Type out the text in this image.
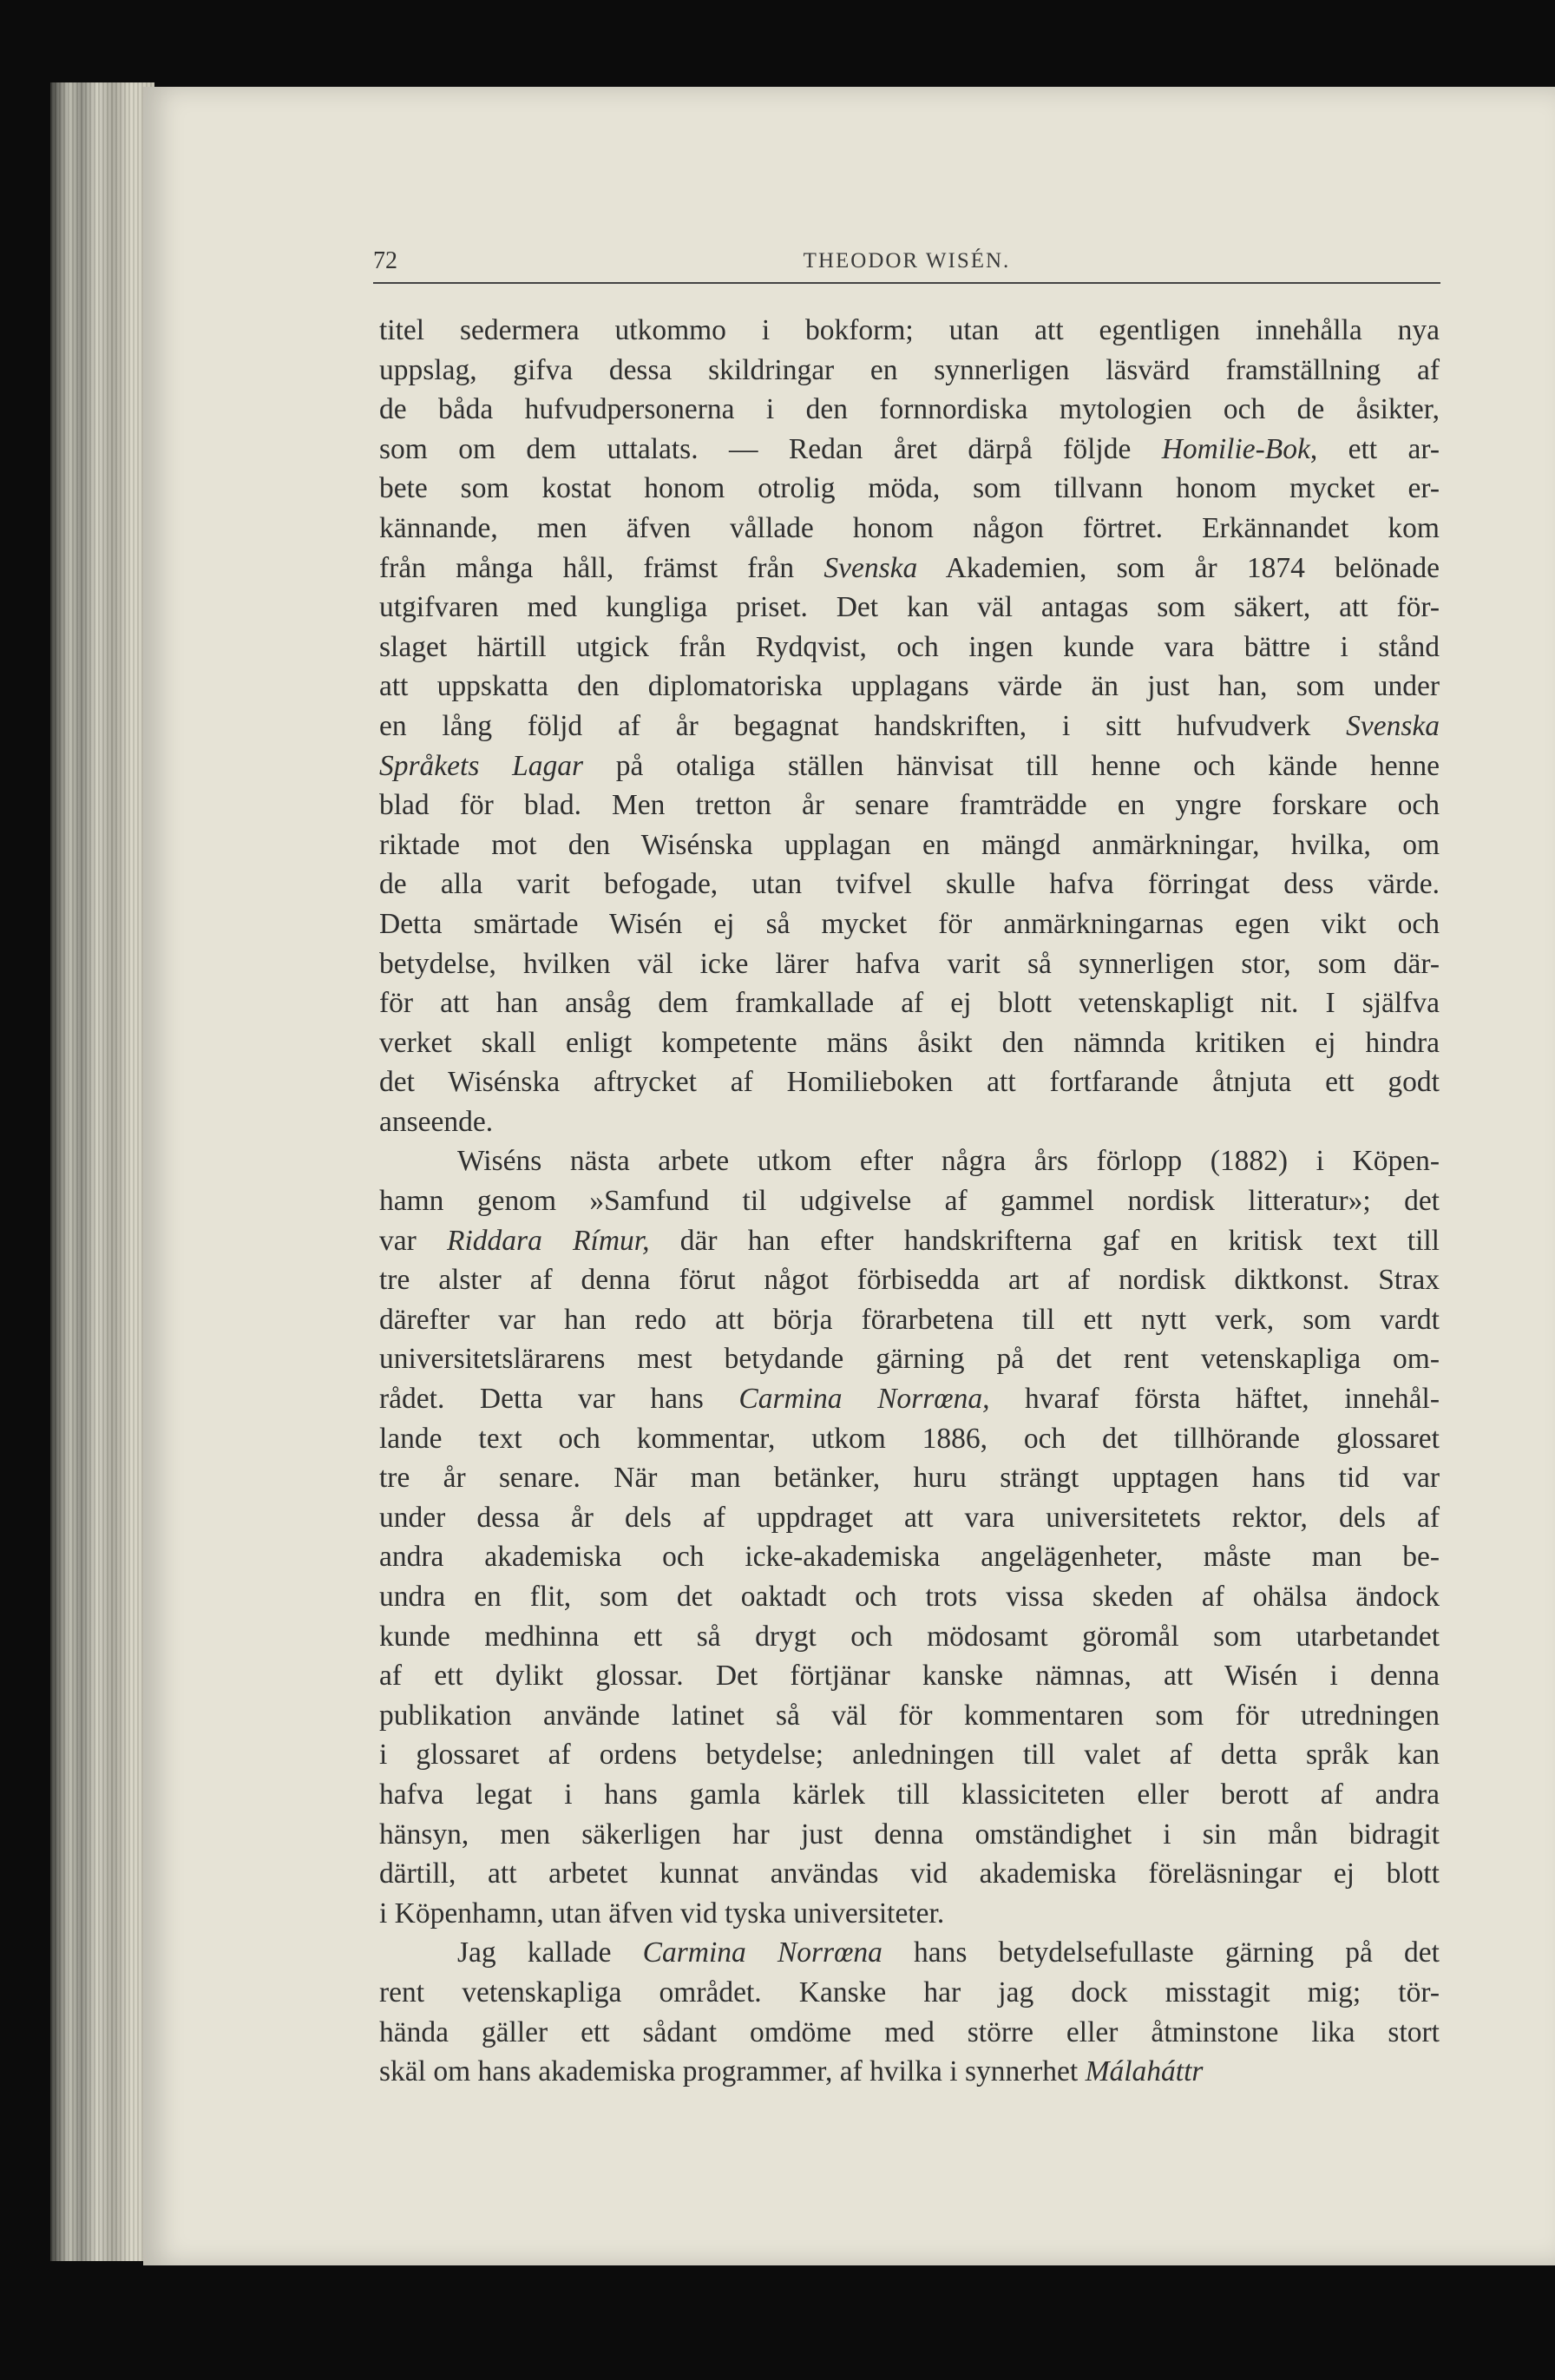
72	THEODOR WISÉN.
titel sedermera utkommo i bokform; utan att egentligen innehålla nya
uppslag, gifva dessa skildringar en synnerligen läsvärd framställning af
de båda hufvudpersonerna i den fornnordiska mytologien och de åsikter,
som om dem uttalats. — Redan året därpå följde Homilie-Bok, ett ar-
bete som kostat honom otrolig möda, som tillvann honom mycket er-
kännande, men äfven vållade honom någon förtret. Erkännandet kom
från många håll, främst från Svenska Akademien, som år 1874 belönade
utgifvaren med kungliga priset. Det kan väl antagas som säkert, att för-
slaget härtill utgick från Rydqvist, och ingen kunde vara bättre i stånd
att uppskatta den diplomatoriska upplagans värde än just han, som under
en lång följd af år begagnat handskriften, i sitt hufvudverk Svenska
Språkets Lagar på otaliga ställen hänvisat till henne och kände henne
blad för blad. Men tretton år senare framträdde en yngre forskare och
riktade mot den Wisénska upplagan en mängd anmärkningar, hvilka, om
de alla varit befogade, utan tvifvel skulle hafva förringat dess värde.
Detta smärtade Wisén ej så mycket för anmärkningarnas egen vikt och
betydelse, hvilken väl icke lärer hafva varit så synnerligen stor, som där-
för att han ansåg dem framkallade af ej blott vetenskapligt nit. I själfva
verket skall enligt kompetente mäns åsikt den nämnda kritiken ej hindra
det Wisénska aftrycket af Homilieboken att fortfarande åtnjuta ett godt
anseende.
Wiséns nästa arbete utkom efter några års förlopp (1882) i Köpen-
hamn genom »Samfund til udgivelse af gammel nordisk litteratur»; det
var Riddara Rímur, där han efter handskrifterna gaf en kritisk text till
tre alster af denna förut något förbisedda art af nordisk diktkonst. Strax
därefter var han redo att börja förarbetena till ett nytt verk, som vardt
universitetslärarens mest betydande gärning på det rent vetenskapliga om-
rådet. Detta var hans Carmina Norrœna, hvaraf första häftet, innehål-
lande text och kommentar, utkom 1886, och det tillhörande glossaret
tre år senare. När man betänker, huru strängt upptagen hans tid var
under dessa år dels af uppdraget att vara universitetets rektor, dels af
andra akademiska och icke-akademiska angelägenheter, måste man be-
undra en flit, som det oaktadt och trots vissa skeden af ohälsa ändock
kunde medhinna ett så drygt och mödosamt göromål som utarbetandet
af ett dylikt glossar. Det förtjänar kanske nämnas, att Wisén i denna
publikation använde latinet så väl för kommentaren som för utredningen
i glossaret af ordens betydelse; anledningen till valet af detta språk kan
hafva legat i hans gamla kärlek till klassiciteten eller berott af andra
hänsyn, men säkerligen har just denna omständighet i sin mån bidragit
därtill, att arbetet kunnat användas vid akademiska föreläsningar ej blott
i Köpenhamn, utan äfven vid tyska universiteter.
Jag kallade Carmina Norrœna hans betydelsefullaste gärning på det
rent vetenskapliga området. Kanske har jag dock misstagit mig; tör-
hända gäller ett sådant omdöme med större eller åtminstone lika stort
skäl om hans akademiska programmer, af hvilka i synnerhet Málaháttr
